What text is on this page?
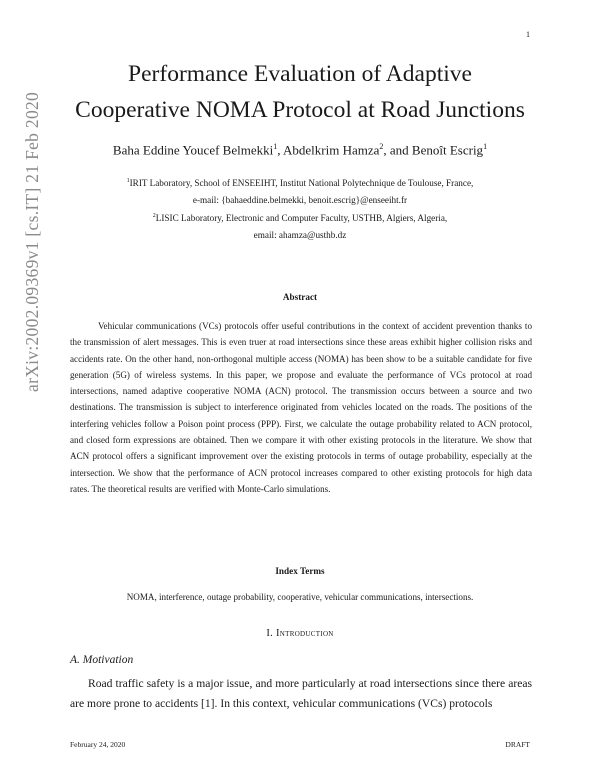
1
arXiv:2002.09369v1 [cs.IT] 21 Feb 2020
Performance Evaluation of Adaptive
Cooperative NOMA Protocol at Road Junctions
Baha Eddine Youcef Belmekki$^1$, Abdelkrim Hamza$^2$, and Benoît Escrig$^1$
$^1$IRIT Laboratory, School of ENSEEIHT, Institut National Polytechnique de Toulouse, France,
e-mail: {bahaeddine.belmekki, benoit.escrig}@enseeiht.fr
$^2$LISIC Laboratory, Electronic and Computer Faculty, USTHB, Algiers, Algeria,
email: ahamza@usthb.dz
Abstract

Vehicular communications (VCs) protocols offer useful contributions in the context of accident prevention thanks to the transmission of alert messages. This is even truer at road intersections since these areas exhibit higher collision risks and accidents rate. On the other hand, non-orthogonal multiple access (NOMA) has been show to be a suitable candidate for five generation (5G) of wireless systems. In this paper, we propose and evaluate the performance of VCs protocol at road intersections, named adaptive cooperative NOMA (ACN) protocol. The transmission occurs between a source and two destinations. The transmission is subject to interference originated from vehicles located on the roads. The positions of the interfering vehicles follow a Poison point process (PPP). First, we calculate the outage probability related to ACN protocol, and closed form expressions are obtained. Then we compare it with other existing protocols in the literature. We show that ACN protocol offers a significant improvement over the existing protocols in terms of outage probability, especially at the intersection. We show that the performance of ACN protocol increases compared to other existing protocols for high data rates. The theoretical results are verified with Monte-Carlo simulations.

Index Terms
NOMA, interference, outage probability, cooperative, vehicular communications, intersections.
I. Introduction
A. Motivation

Road traffic safety is a major issue, and more particularly at road intersections since there areas are more prone to accidents [1]. In this context, vehicular communications (VCs) protocols

February 24, 2020	DRAFT
